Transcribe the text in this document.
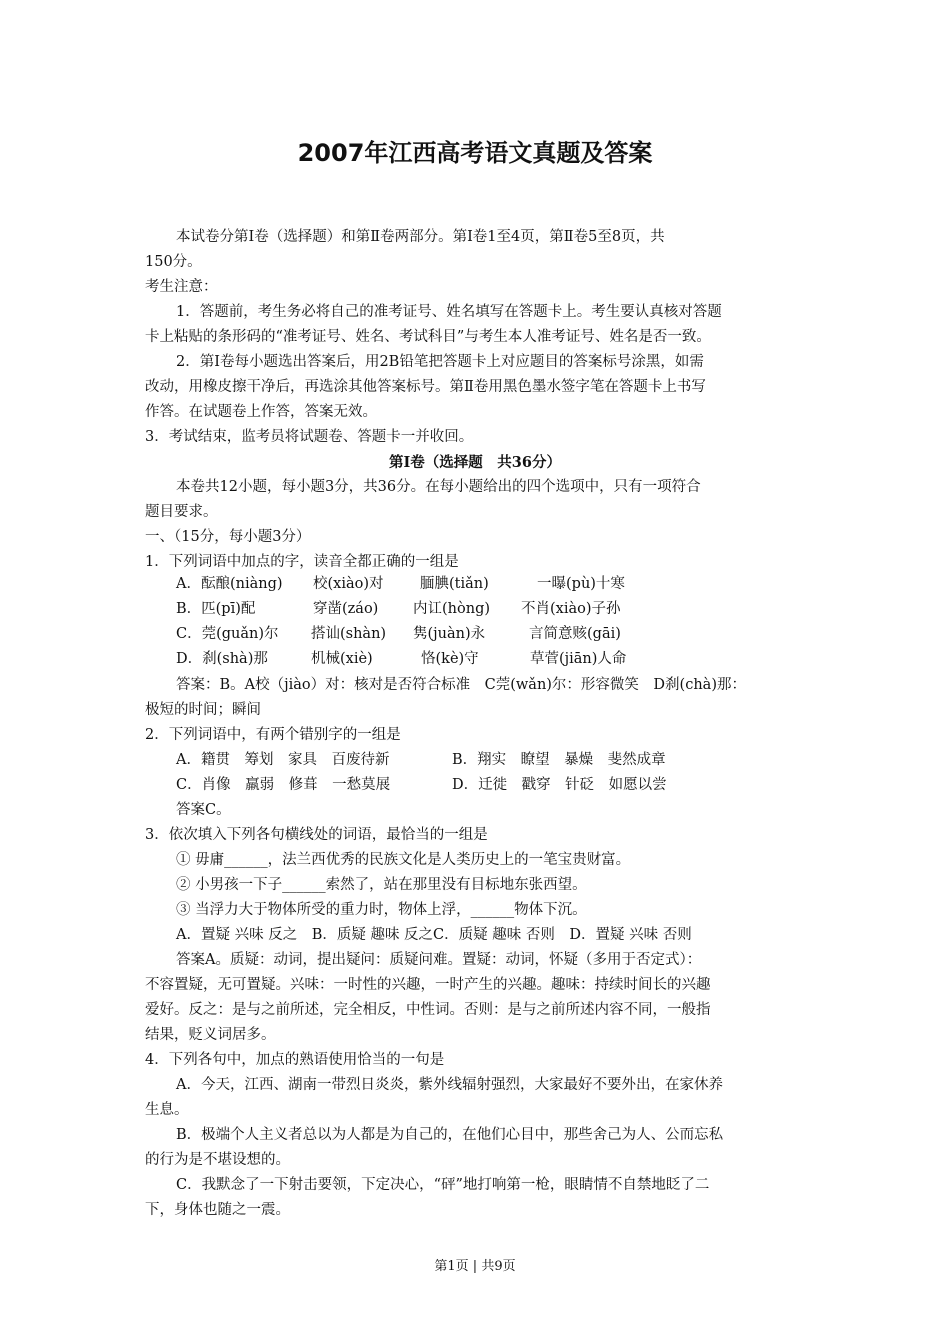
2007年江西高考语文真题及答案
本试卷分第Ⅰ卷（选择题）和第Ⅱ卷两部分。第Ⅰ卷1至4页，第Ⅱ卷5至8页，共
150分。
考生注意：
1．答题前，考生务必将自己的准考证号、姓名填写在答题卡上。考生要认真核对答题
卡上粘贴的条形码的“准考证号、姓名、考试科目”与考生本人准考证号、姓名是否一致。
2．第Ⅰ卷每小题选出答案后，用2B铅笔把答题卡上对应题目的答案标号涂黑，如需
改动，用橡皮擦干净后，再选涂其他答案标号。第Ⅱ卷用黑色墨水签字笔在答题卡上书写
作答。在试题卷上作答，答案无效。
3．考试结束，监考员将试题卷、答题卡一并收回。
第Ⅰ卷（选择题　共36分）
本卷共12小题，每小题3分，共36分。在每小题给出的四个选项中，只有一项符合
题目要求。
一、（15分，每小题3分）
1．下列词语中加点的字，读音全都正确的一组是
A．酝酿(niàng) 校(xiào)对	腼腆(tiǎn)	一曝(pù)十寒
B．匹(pī)配	穿凿(záo) 内讧(hòng) 不肖(xiào)子孙
C．莞(guǎn)尔 搭讪(shàn) 隽(juàn)永	言简意赅(gāi)
D．刹(shà)那	机械(xiè)	恪(kè)守	草菅(jiān)人命
答案：B。A校（jiào）对：核对是否符合标准　C莞(wǎn)尔：形容微笑　D刹(chà)那：
极短的时间；瞬间
2．下列词语中，有两个错别字的一组是
A．籍贯　筹划　家具　百废待新	B．翔实　瞭望　暴燥　斐然成章
C．肖像　羸弱　修葺　一愁莫展	D．迁徙　戳穿　针砭　如愿以尝
答案C。
3．依次填入下列各句横线处的词语，最恰当的一组是
① 毋庸______，法兰西优秀的民族文化是人类历史上的一笔宝贵财富。
② 小男孩一下子______索然了，站在那里没有目标地东张西望。
③ 当浮力大于物体所受的重力时，物体上浮，______物体下沉。
A．置疑 兴味 反之　B．质疑 趣味 反之C．质疑 趣味 否则　D．置疑 兴味 否则
答案A。质疑：动词，提出疑问：质疑问难。置疑：动词，怀疑（多用于否定式）：
不容置疑，无可置疑。兴味：一时性的兴趣，一时产生的兴趣。趣味：持续时间长的兴趣
爱好。反之：是与之前所述，完全相反，中性词。否则：是与之前所述内容不同，一般指
结果，贬义词居多。
4．下列各句中，加点的熟语使用恰当的一句是
A．今天，江西、湖南一带烈日炎炎，紫外线辐射强烈，大家最好不要外出，在家休养
生息。
B．极端个人主义者总以为人都是为自己的，在他们心目中，那些舍己为人、公而忘私
的行为是不堪设想的。
C．我默念了一下射击要领，下定决心，“砰”地打响第一枪，眼睛情不自禁地眨了二
下，身体也随之一震。
第1页 | 共9页
